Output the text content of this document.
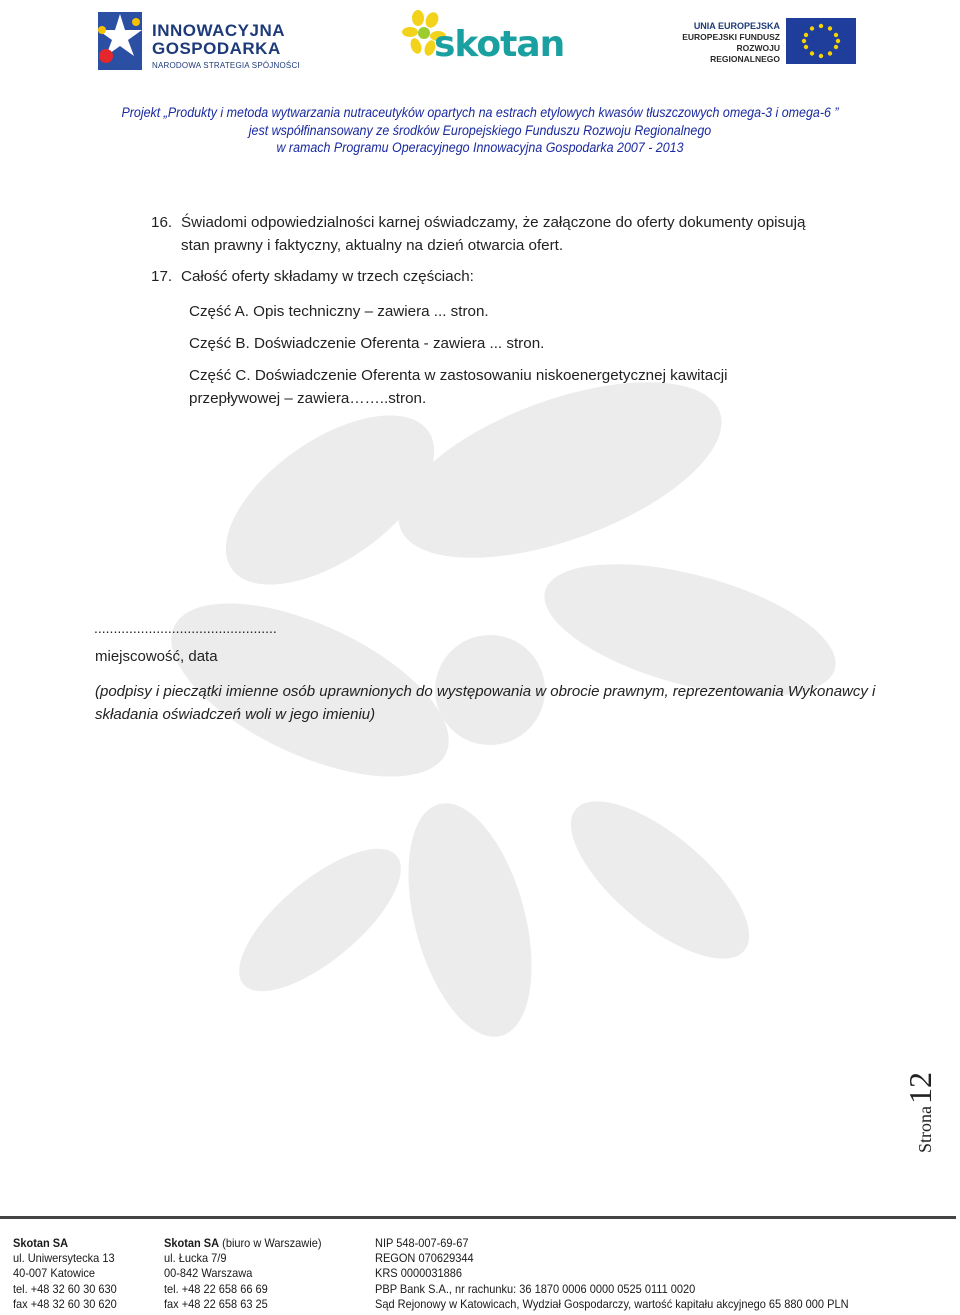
INNOWACYJNA
GOSPODARKA
NARODOWA STRATEGIA SPÓJNOŚCI
skotan	UNIA EUROPEJSKA
EUROPEJSKI FUNDUSZ
ROZWOJU REGIONALNEGO
Projekt „Produkty i metoda wytwarzania nutraceutyków opartych na estrach etylowych kwasów tłuszczowych omega-3 i omega-6 ”
jest współfinansowany ze środków Europejskiego Funduszu Rozwoju Regionalnego
w ramach Programu Operacyjnego Innowacyjna Gospodarka 2007 - 2013
16. Świadomi odpowiedzialności karnej oświadczamy, że załączone do oferty dokumenty opisują
stan prawny i faktyczny, aktualny na dzień otwarcia ofert.
17. Całość oferty składamy w trzech częściach:
Część A. Opis techniczny – zawiera ... stron.
Część B. Doświadczenie Oferenta - zawiera ... stron.
Część C. Doświadczenie Oferenta w zastosowaniu niskoenergetycznej kawitacji
przepływowej – zawiera……..stron.
...............................................
miejscowość, data
(podpisy i pieczątki imienne osób uprawnionych do występowania w obrocie prawnym, reprezentowania Wykonawcy i składania oświadczeń woli w jego imieniu)
Strona12
Skotan SA
ul. Uniwersytecka 13
40-007 Katowice
tel. +48 32 60 30 630
fax +48 32 60 30 620
Skotan SA (biuro w Warszawie)
ul. Łucka 7/9
00-842 Warszawa
tel. +48 22 658 66 69
fax +48 22 658 63 25
NIP 548-007-69-67
REGON 070629344
KRS 0000031886
PBP Bank S.A., nr rachunku: 36 1870 0006 0000 0525 0111 0020
Sąd Rejonowy w Katowicach, Wydział Gospodarczy, wartość kapitału akcyjnego 65 880 000 PLN
